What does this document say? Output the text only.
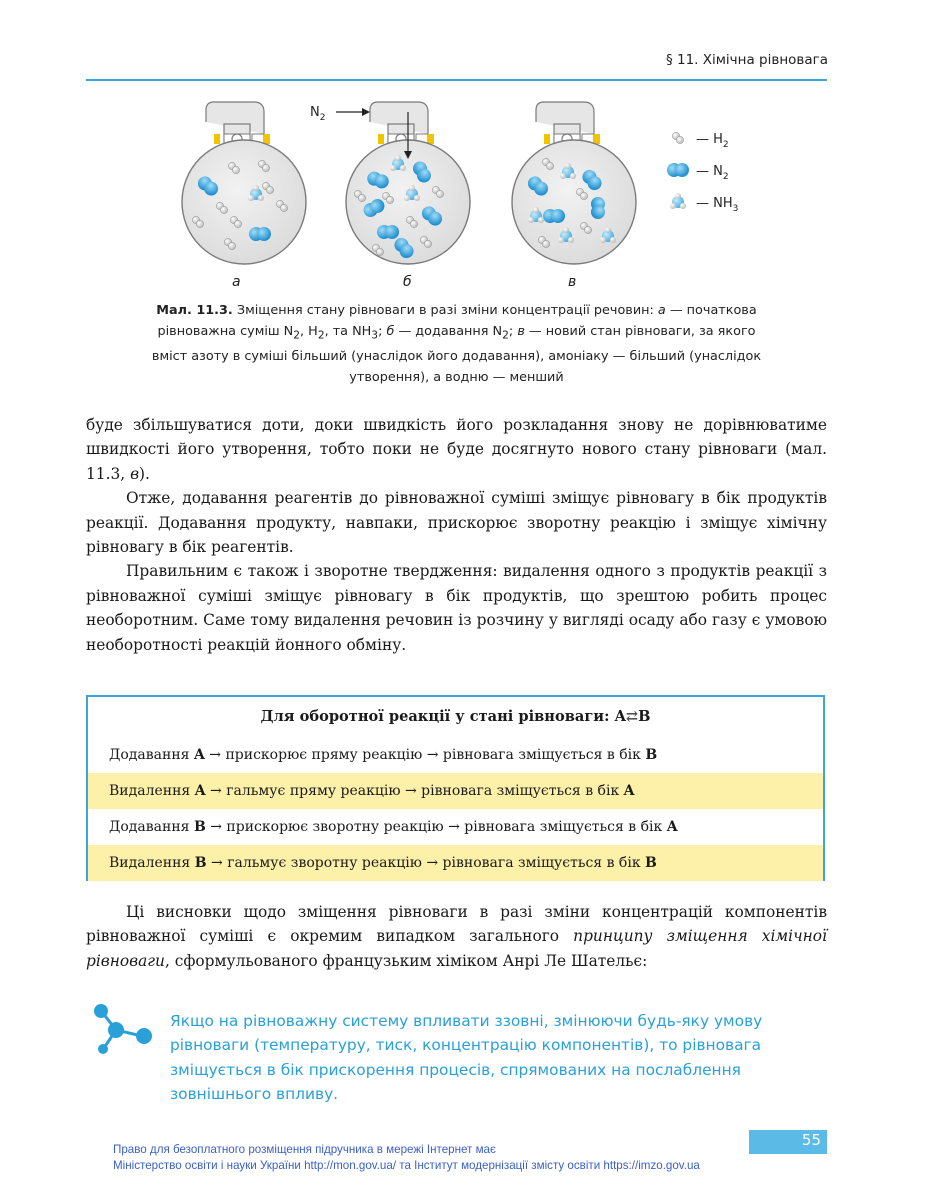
§ 11. Хімічна рівновага
$N_2$
а	б	в
— $H_2$
— $N_2$
— $NH_3$
Мал. 11.3. Зміщення стану рівноваги в разі зміни концентрації речовин: а — початкова
рівноважна суміш $N_2$, $H_2$, та $NH_3$; б — додавання $N_2$; в — новий стан рівноваги, за якого
вміст азоту в суміші більший (унаслідок його додавання), амоніаку — більший (унаслідок
утворення), а водню — менший

буде збільшуватися доти, доки швидкість його розкладання знову не дорівнюватиме швидкості його утворення, тобто поки не буде досягнуто нового стану рівноваги (мал. 11.3, в).

Отже, додавання реагентів до рівноважної суміші зміщує рівновагу в бік продуктів реакції. Додавання продукту, навпаки, прискорює зворотну реакцію і зміщує хімічну рівновагу в бік реагентів.

Правильним є також і зворотне твердження: видалення одного з продуктів реакції з рівноважної суміші зміщує рівновагу в бік продуктів, що зрештою робить процес необоротним. Саме тому видалення речовин із розчину у вигляді осаду або газу є умовою необоротності реакцій йонного обміну.

Для оборотної реакції у стані рівноваги: A⇄B
Додавання A → прискорює пряму реакцію → рівновага зміщується в бік B
Видалення A → гальмує пряму реакцію → рівновага зміщується в бік A
Додавання B → прискорює зворотну реакцію → рівновага зміщується в бік A
Видалення B → гальмує зворотну реакцію → рівновага зміщується в бік B

Ці висновки щодо зміщення рівноваги в разі зміни концентрацій компонентів рівноважної суміші є окремим випадком загального принципу зміщення хімічної рівноваги, сформульованого французьким хіміком Анрі Ле Шательє:

Якщо на рівноважну систему впливати ззовні, змінюючи будь-яку умову рівноваги (температуру, тиск, концентрацію компонентів), то рівновага зміщується в бік прискорення процесів, спрямованих на послаблення зовнішнього впливу.
Право для безоплатного розміщення підручника в мережі Інтернет має
Міністерство освіти і науки України http://mon.gov.ua/ та Інститут модернізації змісту освіти https://imzo.gov.ua
55
